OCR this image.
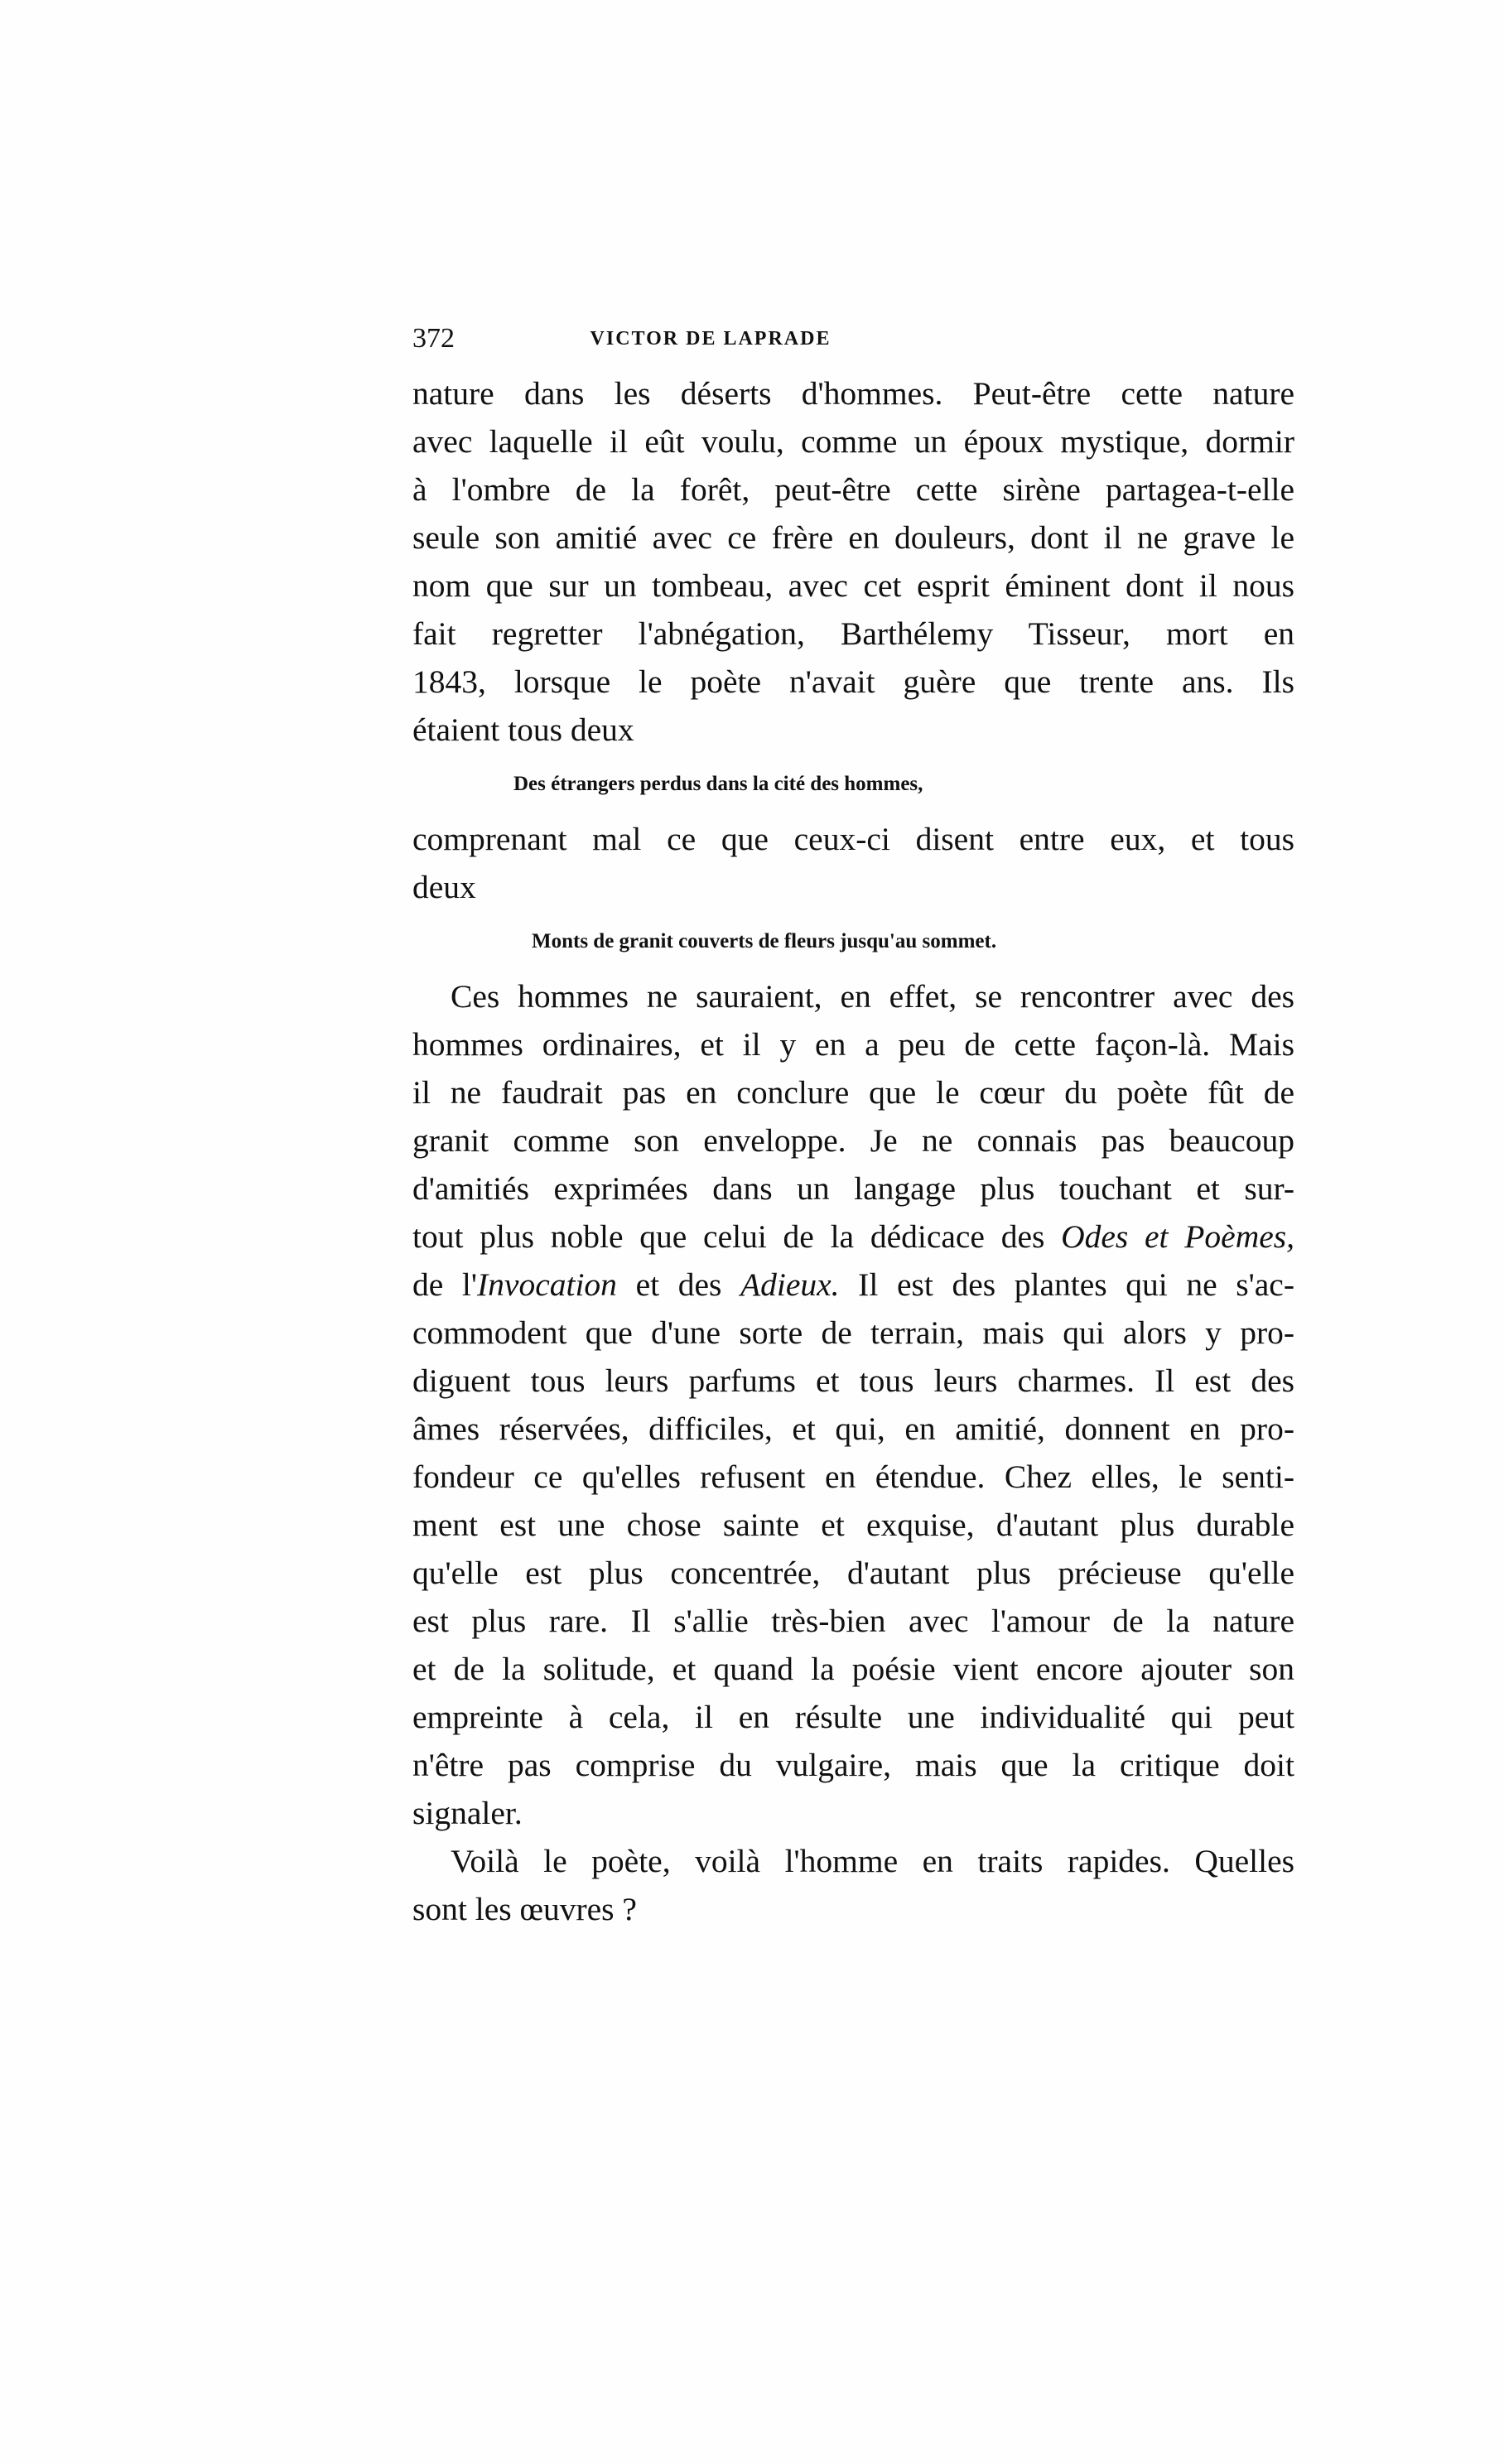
372	VICTOR DE LAPRADE
nature dans les déserts d'hommes. Peut-être cette nature
avec laquelle il eût voulu, comme un époux mystique, dormir
à l'ombre de la forêt, peut-être cette sirène partagea-t-elle
seule son amitié avec ce frère en douleurs, dont il ne grave le
nom que sur un tombeau, avec cet esprit éminent dont il nous
fait regretter l'abnégation, Barthélemy Tisseur, mort en
1843, lorsque le poète n'avait guère que trente ans. Ils
étaient tous deux
Des étrangers perdus dans la cité des hommes,
comprenant mal ce que ceux-ci disent entre eux, et tous
deux
Monts de granit couverts de fleurs jusqu'au sommet.
Ces hommes ne sauraient, en effet, se rencontrer avec des
hommes ordinaires, et il y en a peu de cette façon-là. Mais
il ne faudrait pas en conclure que le cœur du poète fût de
granit comme son enveloppe. Je ne connais pas beaucoup
d'amitiés exprimées dans un langage plus touchant et sur-
tout plus noble que celui de la dédicace des Odes et Poèmes,
de l'Invocation et des Adieux. Il est des plantes qui ne s'ac-
commodent que d'une sorte de terrain, mais qui alors y pro-
diguent tous leurs parfums et tous leurs charmes. Il est des
âmes réservées, difficiles, et qui, en amitié, donnent en pro-
fondeur ce qu'elles refusent en étendue. Chez elles, le senti-
ment est une chose sainte et exquise, d'autant plus durable
qu'elle est plus concentrée, d'autant plus précieuse qu'elle
est plus rare. Il s'allie très-bien avec l'amour de la nature
et de la solitude, et quand la poésie vient encore ajouter son
empreinte à cela, il en résulte une individualité qui peut
n'être pas comprise du vulgaire, mais que la critique doit
signaler.
Voilà le poète, voilà l'homme en traits rapides. Quelles
sont les œuvres ?
